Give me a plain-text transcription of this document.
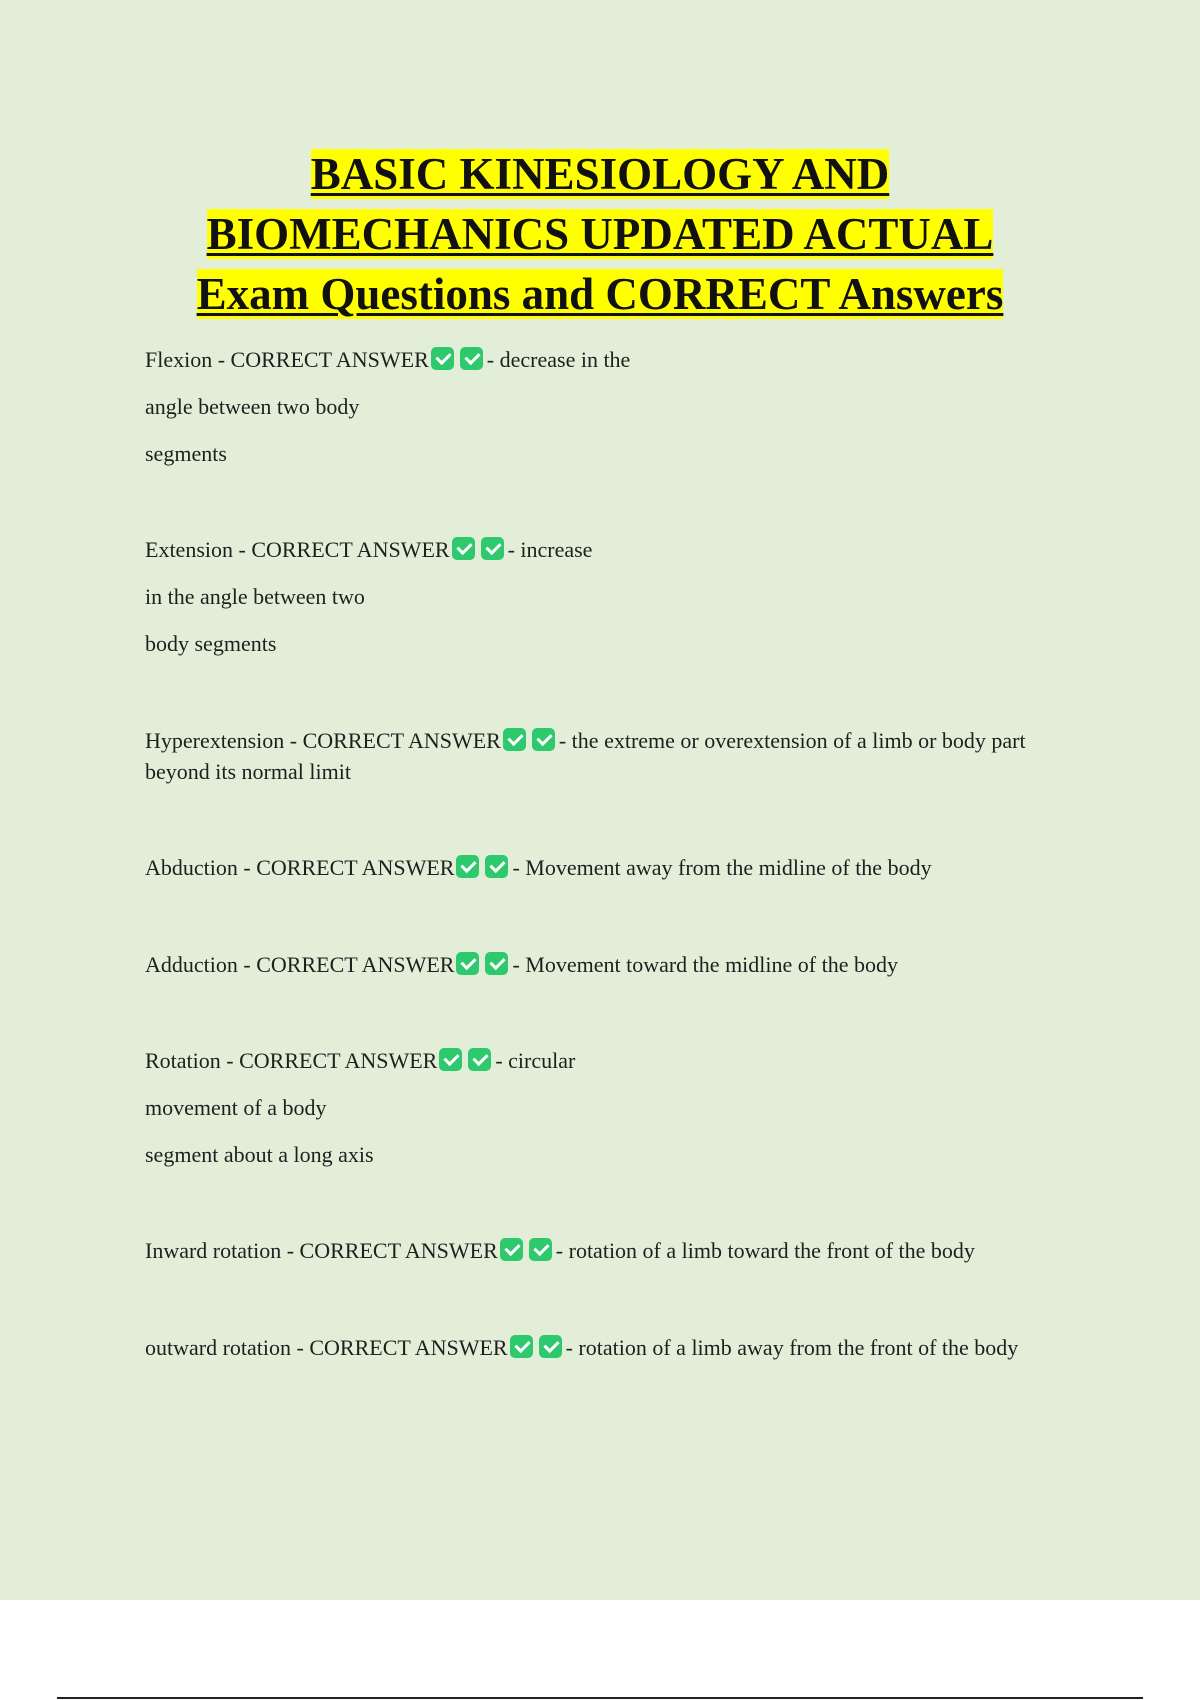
BASIC KINESIOLOGY AND
BIOMECHANICS UPDATED ACTUAL
Exam Questions and CORRECT Answers
Flexion - CORRECT ANSWER	- decrease in the
angle between two body
segments
Extension - CORRECT ANSWER	- increase
in the angle between two
body segments
Hyperextension - CORRECT ANSWER	- the extreme or overextension of a limb or body part beyond its normal limit
Abduction - CORRECT ANSWER	- Movement away from the midline of the body
Adduction - CORRECT ANSWER	- Movement toward the midline of the body
Rotation - CORRECT ANSWER	- circular
movement of a body
segment about a long axis
Inward rotation - CORRECT ANSWER	- rotation of a limb toward the front of the body
outward rotation - CORRECT ANSWER	- rotation of a limb away from the front of the body
